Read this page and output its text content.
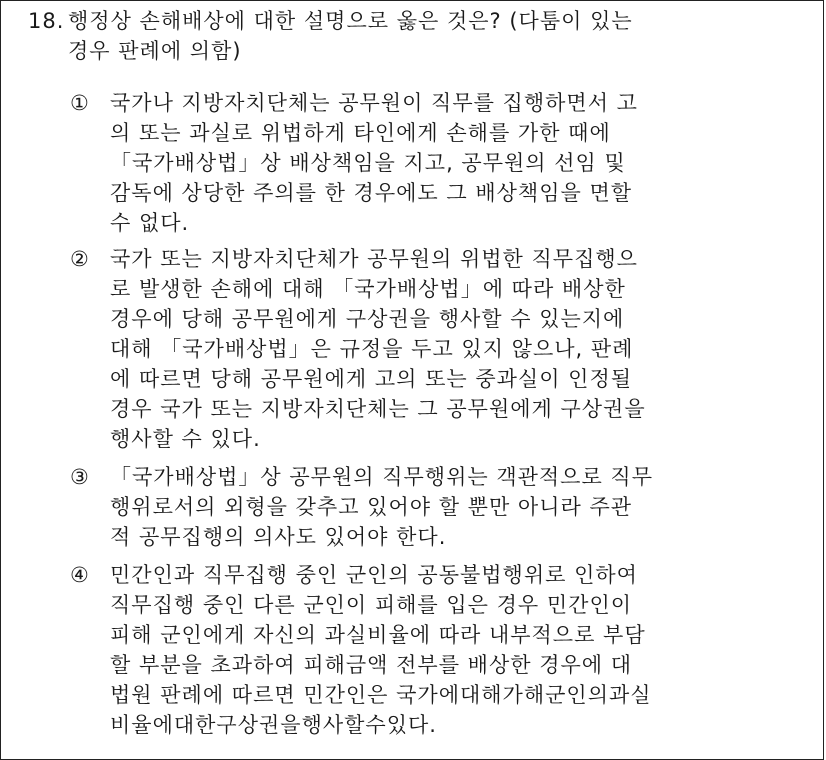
18. 행정상 손해배상에 대한 설명으로 옳은 것은? (다툼이 있는
경우 판례에 의함)
① 국가나 지방자치단체는 공무원이 직무를 집행하면서 고
의 또는 과실로 위법하게 타인에게 손해를 가한 때에
「국가배상법」상 배상책임을 지고, 공무원의 선임 및
감독에 상당한 주의를 한 경우에도 그 배상책임을 면할
수 없다.
② 국가 또는 지방자치단체가 공무원의 위법한 직무집행으
로 발생한 손해에 대해 「국가배상법」에 따라 배상한
경우에 당해 공무원에게 구상권을 행사할 수 있는지에
대해 「국가배상법」은 규정을 두고 있지 않으나, 판례
에 따르면 당해 공무원에게 고의 또는 중과실이 인정될
경우 국가 또는 지방자치단체는 그 공무원에게 구상권을
행사할 수 있다.
③ 「국가배상법」상 공무원의 직무행위는 객관적으로 직무
행위로서의 외형을 갖추고 있어야 할 뿐만 아니라 주관
적 공무집행의 의사도 있어야 한다.
④ 민간인과 직무집행 중인 군인의 공동불법행위로 인하여
직무집행 중인 다른 군인이 피해를 입은 경우 민간인이
피해 군인에게 자신의 과실비율에 따라 내부적으로 부담
할 부분을 초과하여 피해금액 전부를 배상한 경우에 대
법원 판례에 따르면 민간인은 국가에대해가해군인의과실
비율에대한구상권을행사할수있다.
